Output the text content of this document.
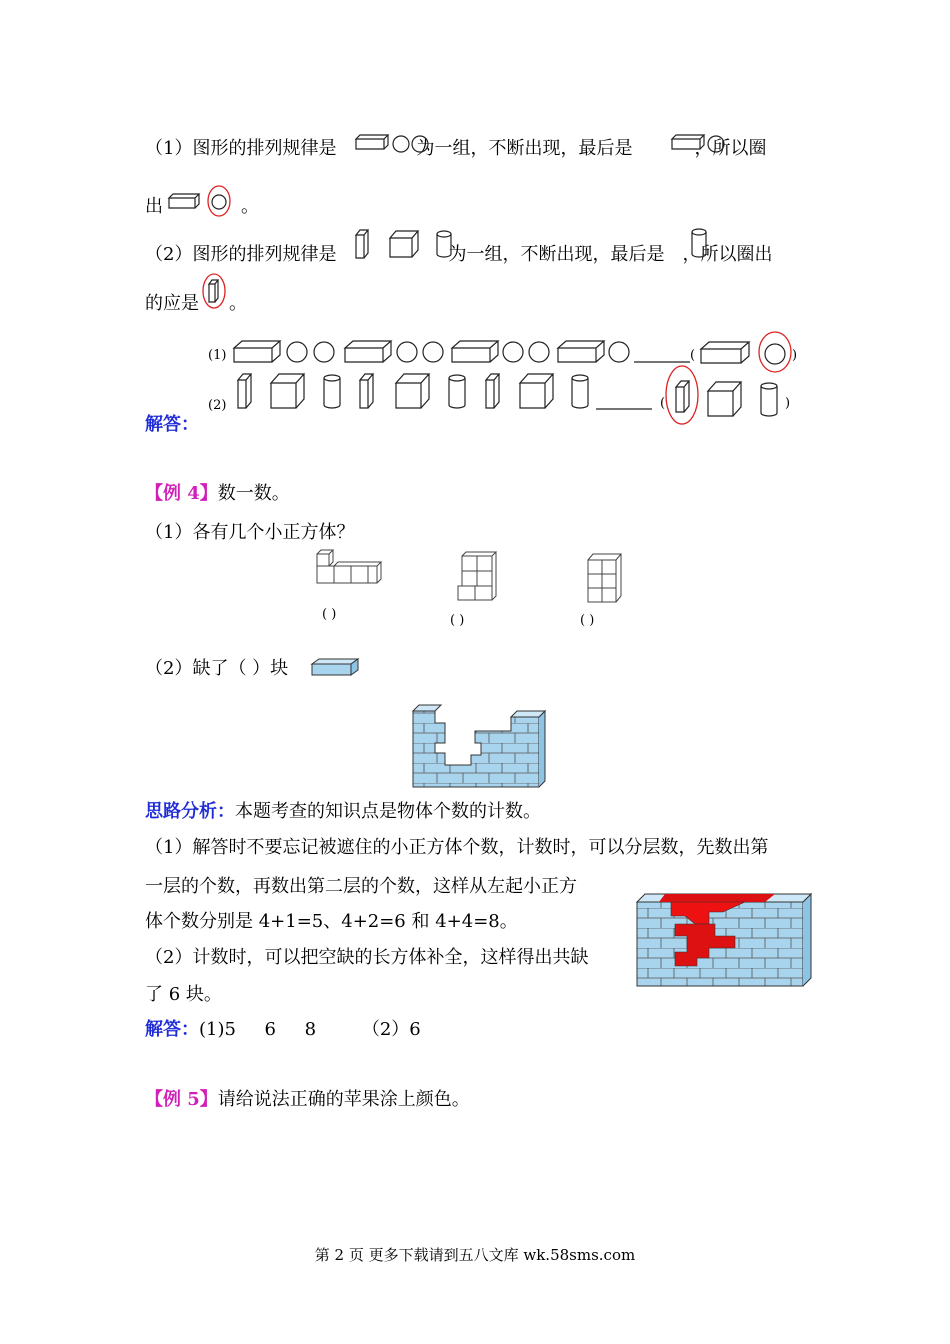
（1）图形的排列规律是	为一组，不断出现，最后是	，所以圈
出	。
（2）图形的排列规律是	为一组，不断出现，最后是 ，所以圈出
的应是 。
(1)	(	)
(2)	(	)
解答：
【例 4】数一数。
（1）各有几个小正方体？
( )	( )	( )
（2）缺了（ ）块
思路分析：本题考查的知识点是物体个数的计数。
（1）解答时不要忘记被遮住的小正方体个数，计数时，可以分层数，先数出第
一层的个数，再数出第二层的个数，这样从左起小正方
体个数分别是 4+1=5、4+2=6 和 4+4=8。
（2）计数时，可以把空缺的长方体补全，这样得出共缺
了 6 块。
解答：(1)5     6     8        （2）6
【例 5】请给说法正确的苹果涂上颜色。
第 2 页 更多下载请到五八文库 wk.58sms.com
